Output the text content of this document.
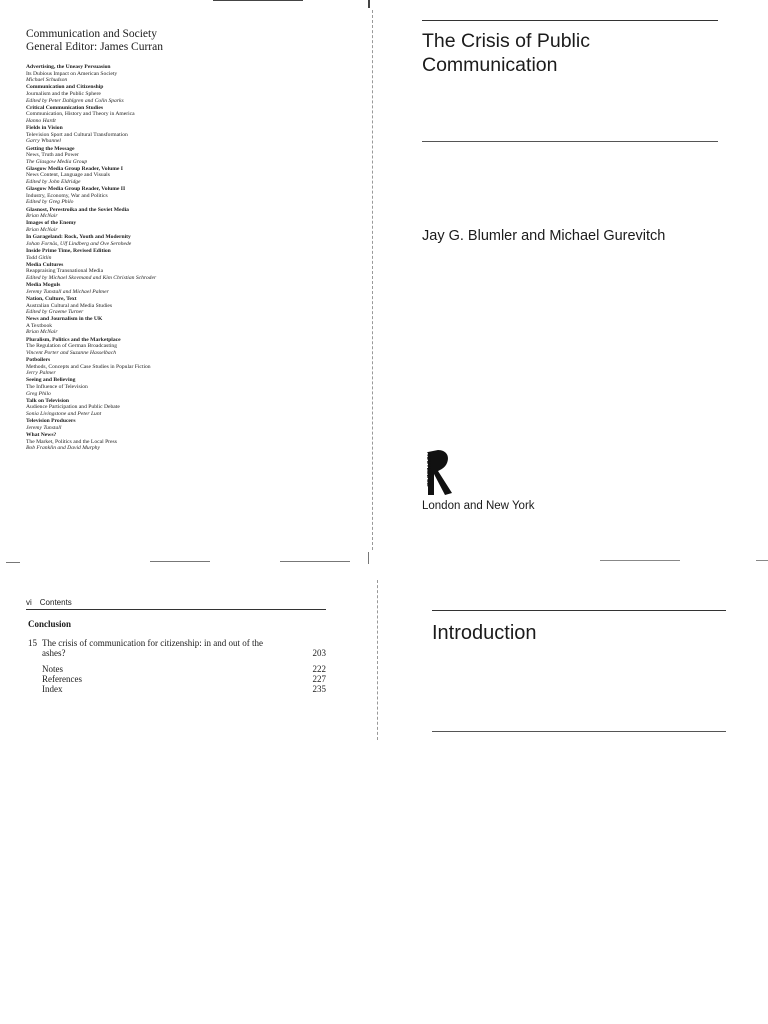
Communication and Society
General Editor: James Curran
Advertising, the Uneasy Persuasion
Its Dubious Impact on American Society
Michael Schudson
Communication and Citizenship
Journalism and the Public Sphere
Edited by Peter Dahlgren and Colin Sparks
Critical Communication Studies
Communication, History and Theory in America
Hanno Hardt
Fields in Vision
Television Sport and Cultural Transformation
Garry Whannel
Getting the Message
News, Truth and Power
The Glasgow Media Group
Glasgow Media Group Reader, Volume I
News Content, Language and Visuals
Edited by John Eldridge
Glasgow Media Group Reader, Volume II
Industry, Economy, War and Politics
Edited by Greg Philo
Glasnost, Perestroika and the Soviet Media
Brian McNair
Images of the Enemy
Brian McNair
In Garageland: Rock, Youth and Modernity
Johan Fornäs, Ulf Lindberg and Ove Sernhede
Inside Prime Time, Revised Edition
Todd Gitlin
Media Cultures
Reappraising Transnational Media
Edited by Michael Skovmand and Kim Christian Schroder
Media Moguls
Jeremy Tunstall and Michael Palmer
Nation, Culture, Text
Australian Cultural and Media Studies
Edited by Graeme Turner
News and Journalism in the UK
A Textbook
Brian McNair
Pluralism, Politics and the Marketplace
The Regulation of German Broadcasting
Vincent Porter and Suzanne Hasselbach
Potboilers
Methods, Concepts and Case Studies in Popular Fiction
Jerry Palmer
Seeing and Believing
The Influence of Television
Greg Philo
Talk on Television
Audience Participation and Public Debate
Sonia Livingstone and Peter Lunt
Television Producers
Jeremy Tunstall
What News?
The Market, Politics and the Local Press
Bob Franklin and David Murphy
The Crisis of Public
Communication
Jay G. Blumler and Michael Gurevitch
ROUTLEDGE
London and New York
vi Contents
Conclusion
15 The crisis of communication for citizenship: in and out of the
ashes?	203
Notes	222
References	227
Index	235
Introduction
